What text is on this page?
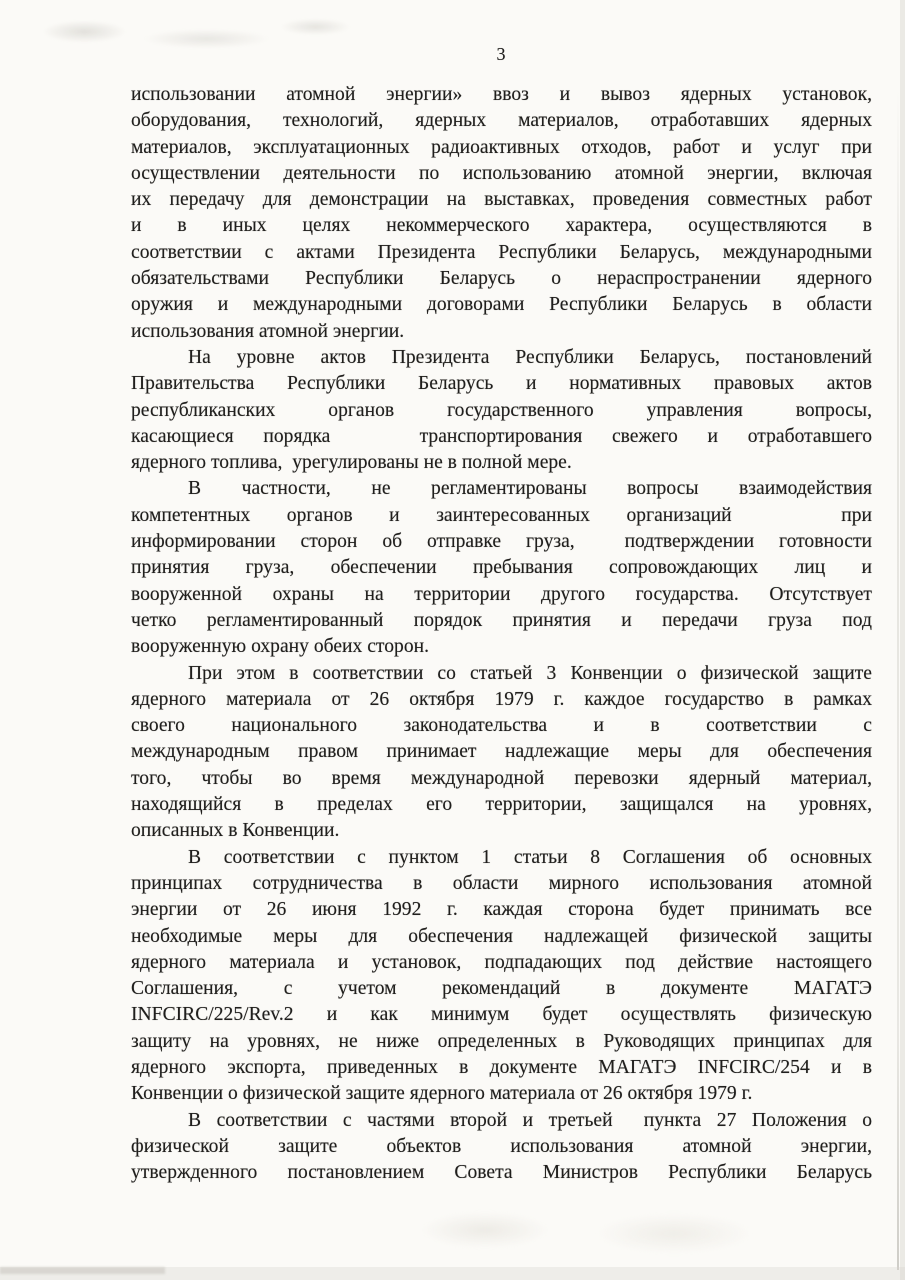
3
использовании атомной энергии» ввоз и вывоз ядерных установок,
оборудования, технологий, ядерных материалов, отработавших ядерных
материалов, эксплуатационных радиоактивных отходов, работ и услуг при
осуществлении деятельности по использованию атомной энергии, включая
их передачу для демонстрации на выставках, проведения совместных работ
и в иных целях некоммерческого характера, осуществляются в
соответствии с актами Президента Республики Беларусь, международными
обязательствами Республики Беларусь о нераспространении ядерного
оружия и международными договорами Республики Беларусь в области
использования атомной энергии.
На уровне актов Президента Республики Беларусь, постановлений
Правительства Республики Беларусь и нормативных правовых актов
республиканских органов государственного управления вопросы,
касающиеся порядка   транспортирования свежего и отработавшего
ядерного топлива,  урегулированы не в полной мере.
В частности, не регламентированы вопросы взаимодействия
компетентных органов и заинтересованных организаций   при
информировании сторон об отправке груза,  подтверждении готовности
принятия груза, обеспечении пребывания сопровождающих лиц и
вооруженной охраны на территории другого государства. Отсутствует
четко регламентированный порядок принятия и передачи груза под
вооруженную охрану обеих сторон.
При этом в соответствии со статьей 3 Конвенции о физической защите
ядерного материала от 26 октября 1979 г. каждое государство в рамках
своего национального законодательства и в соответствии с
международным правом принимает надлежащие меры для обеспечения
того, чтобы во время международной перевозки ядерный материал,
находящийся в пределах его территории, защищался на уровнях,
описанных в Конвенции.
В соответствии с пунктом 1 статьи 8 Соглашения об основных
принципах сотрудничества в области мирного использования атомной
энергии от 26 июня 1992 г. каждая сторона будет принимать все
необходимые меры для обеспечения надлежащей физической защиты
ядерного материала и установок, подпадающих под действие настоящего
Соглашения, с учетом рекомендаций в документе МАГАТЭ
INFCIRC/225/Rev.2 и как минимум будет осуществлять физическую
защиту на уровнях, не ниже определенных в Руководящих принципах для
ядерного экспорта, приведенных в документе МАГАТЭ INFCIRC/254 и в
Конвенции о физической защите ядерного материала от 26 октября 1979 г.
В соответствии с частями второй и третьей  пункта 27 Положения о
физической защите объектов использования атомной энергии,
утвержденного постановлением Совета Министров Республики Беларусь
